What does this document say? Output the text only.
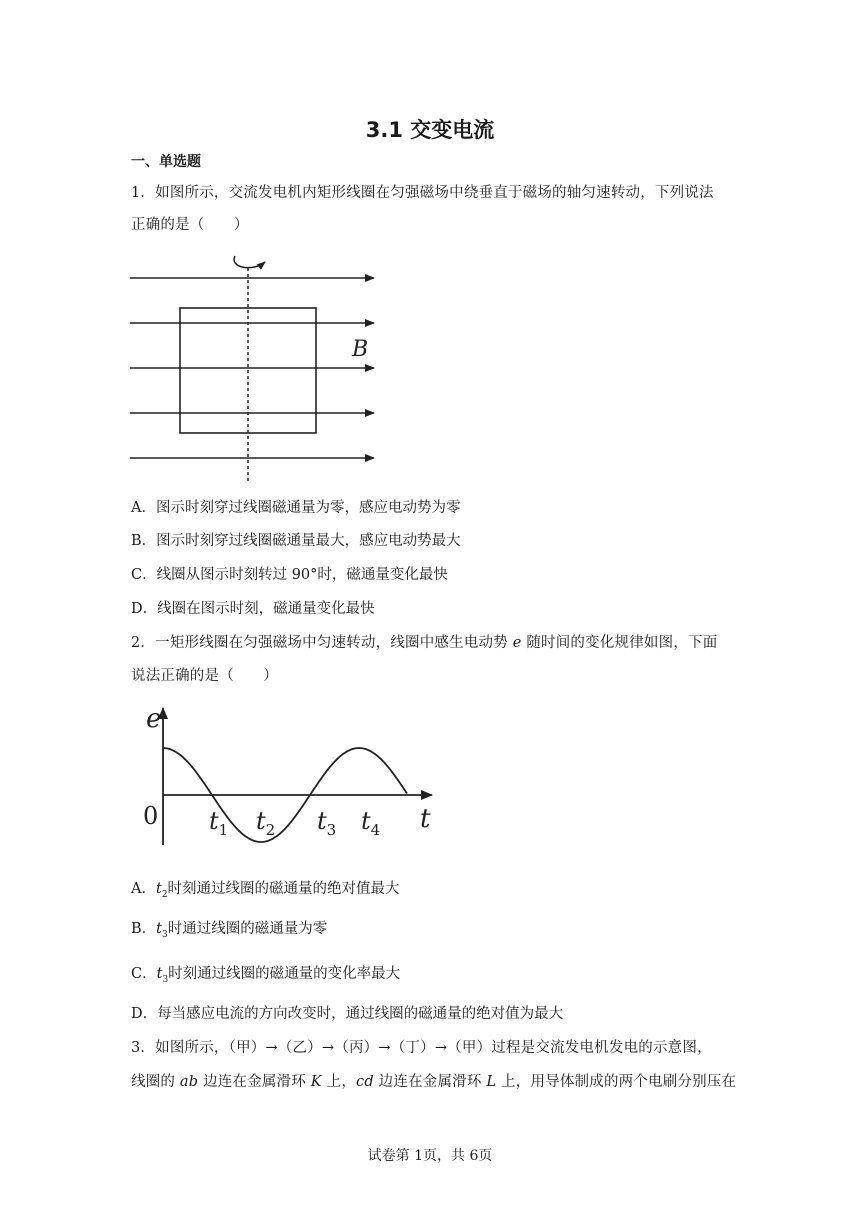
3.1 交变电流
一、单选题
1．如图所示，交流发电机内矩形线圈在匀强磁场中绕垂直于磁场的轴匀速转动，下列说法
正确的是（　　）
B
A．图示时刻穿过线圈磁通量为零，感应电动势为零
B．图示时刻穿过线圈磁通量最大，感应电动势最大
C．线圈从图示时刻转过 90°时，磁通量变化最快
D．线圈在图示时刻，磁通量变化最快
2．一矩形线圈在匀强磁场中匀速转动，线圈中感生电动势 e 随时间的变化规律如图，下面
说法正确的是（　　）
e
t
0 $t_1$ $t_2$ $t_3$ $t_4$
A．$t_2$时刻通过线圈的磁通量的绝对值最大
B．$t_3$时通过线圈的磁通量为零
C．$t_3$时刻通过线圈的磁通量的变化率最大
D．每当感应电流的方向改变时，通过线圈的磁通量的绝对值为最大
3．如图所示，（甲）→（乙）→（丙）→（丁）→（甲）过程是交流发电机发电的示意图，
线圈的 ab 边连在金属滑环 K 上，cd 边连在金属滑环 L 上，用导体制成的两个电刷分别压在
试卷第 1页，共 6页
